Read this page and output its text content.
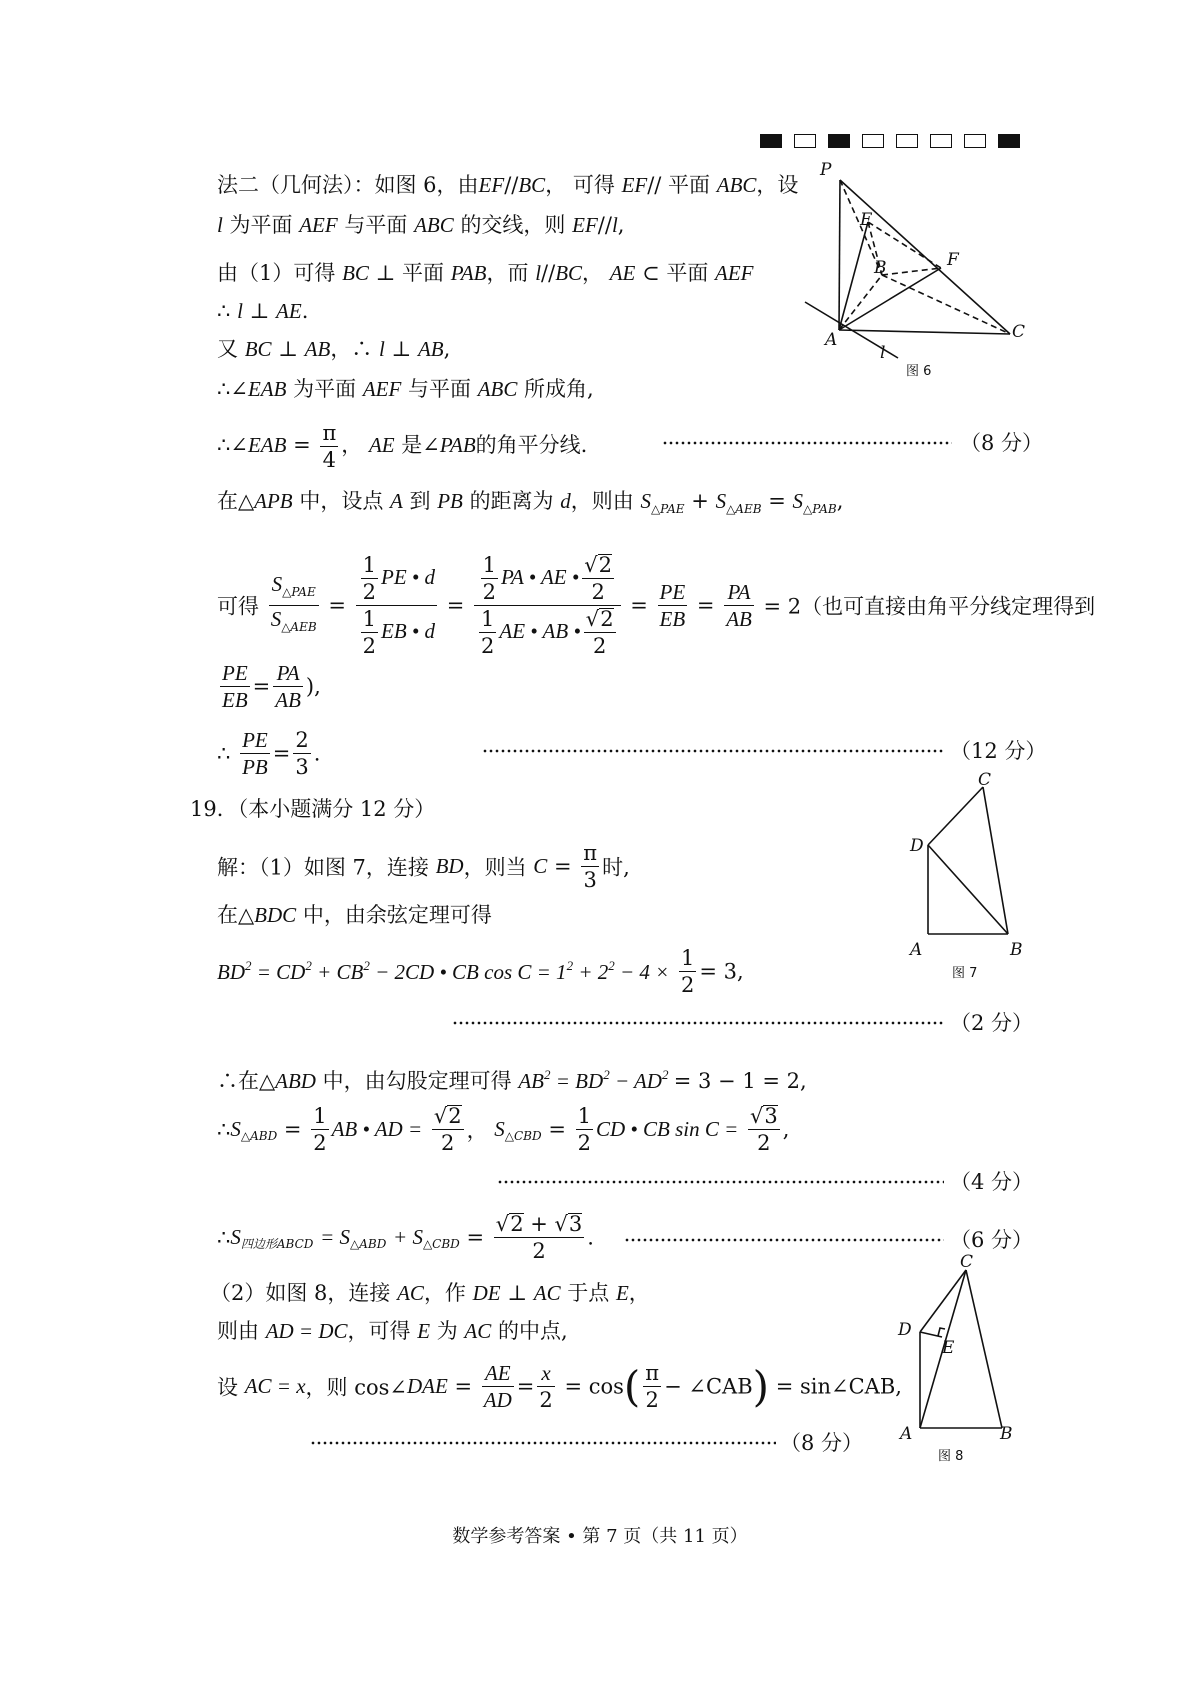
法二（几何法）：如图 6，由EF//BC， 可得 EF// 平面 ABC，设
l 为平面 AEF 与平面 ABC 的交线，则 EF//l,
由（1）可得 BC ⊥ 平面 PAB，而 l//BC， AE ⊂ 平面 AEF
∴ l ⊥ AE.
又 BC ⊥ AB，∴ l ⊥ AB,
∴∠EAB 为平面 AEF 与平面 ABC 所成角,
∴∠EAB = $\frac{\pi}{4}$ ， AE 是∠PAB的角平分线.	（8 分）
在△APB 中，设点 A 到 PB 的距离为 d，则由 $S_{\triangle PAE} + S_{\triangle AEB} = S_{\triangle PAB}$,
可得 $\frac{S_{\triangle PAE}}{S_{\triangle AEB}} = \frac{\frac{1}{2} PE • d}{\frac{1}{2} EB • d} = \frac{\frac{1}{2} PA • AE • \frac{√2}{2}}{\frac{1}{2} AE • AB • \frac{√2}{2}} = \frac{PE}{EB} = \frac{PA}{AB} = 2$（也可直接由角平分线定理得到
$\frac{PE}{EB} = \frac{PA}{AB}$ ),
∴ $\frac{PE}{PB} = \frac{2}{3}$ .	（12 分）
19．（本小题满分 12 分）
解：（1）如图 7，连接 BD，则当 $C = \frac{\pi}{3}$ 时,
在△BDC 中，由余弦定理可得
$BD^2 = CD^2 + CB^2 - 2CD$ • CB $\cos C = 1^2 + 2^2 - 4 \times \frac{1}{2} = 3$,
（2 分）
∴在△ABD 中，由勾股定理可得 $AB^2 = BD^2 - AD^2 = 3 - 1 = 2$,
$\therefore S_{\triangle ABD} = \frac{1}{2}$ AB • AD = $\frac{√2}{2}$ ， $S_{\triangle CBD} = \frac{1}{2}$ CD • CB $\sin C = \frac{√3}{2}$ ,
（4 分）
$\therefore S_{四边形ABCD} = S_{\triangle ABD} + S_{\triangle CBD} = \frac{√2 + √3}{2}$ .	（6 分）
（2）如图 8，连接 AC，作 DE ⊥ AC 于点 E，
则由 AD = DC，可得 E 为 AC 的中点,
设 AC = x，则 cos∠DAE = $\frac{AE}{AD} = \frac{x}{2} = \cos( \frac{\pi}{2}$ − ∠CAB) = sin∠CAB,
（8 分）
P
E
F
B
A	C
l
图 6
C
D
A	B
图 7
C
D
E
A	B
图 8
数学参考答案 • 第 7 页（共 11 页）
